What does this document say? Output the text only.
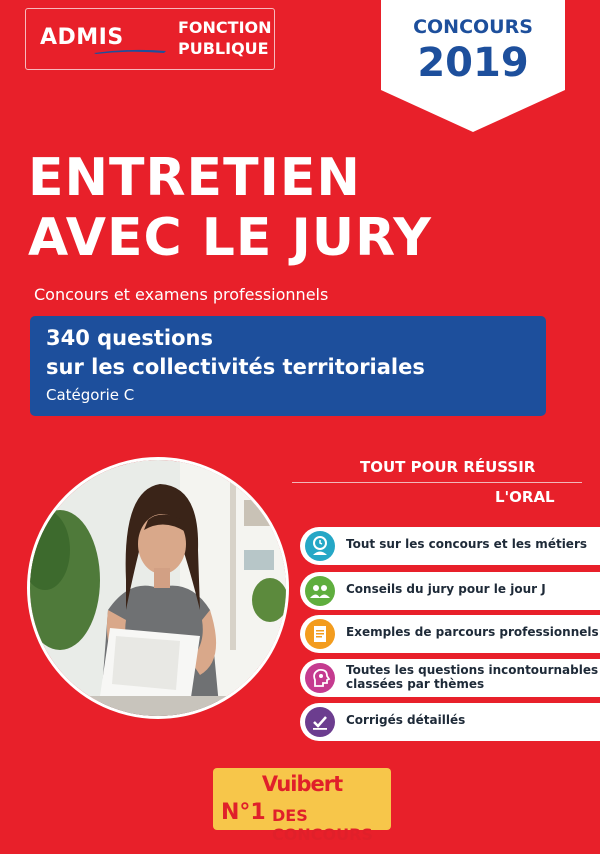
ADMIS	FONCTION
PUBLIQUE
CONCOURS
2019
ENTRETIEN
AVEC LE JURY
Concours et examens professionnels
340 questions
sur les collectivités territoriales
Catégorie C
TOUT POUR RÉUSSIR
L'ORAL
Tout sur les concours et les métiers
Conseils du jury pour le jour J
Exemples de parcours professionnels
Toutes les questions incontournables
classées par thèmes
Corrigés détaillés
Vuibert
N°1 DES CONCOURS
